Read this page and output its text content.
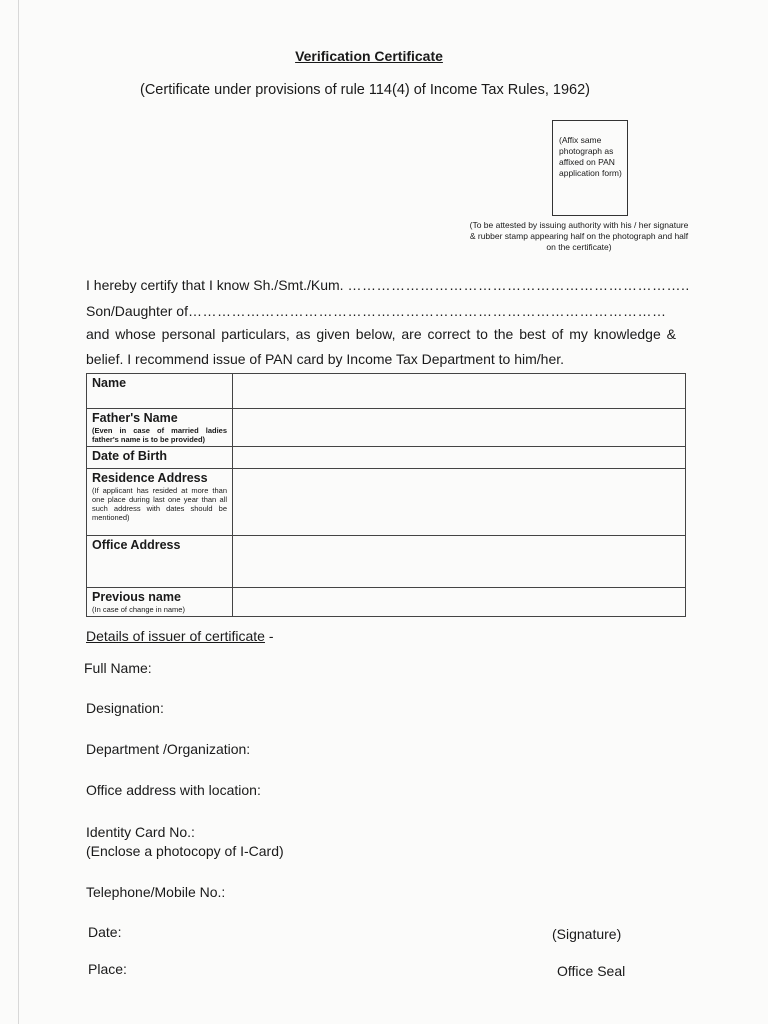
Verification Certificate
(Certificate under provisions of rule 114(4) of Income Tax Rules, 1962)
(Affix same photograph as affixed on PAN application form)
(To be attested by issuing authority with his / her signature & rubber stamp appearing half on the photograph and half on the certificate)
I hereby certify that I know Sh./Smt./Kum. ……………………………………………………………..
Son/Daughter of………………………………………………………………………………………
and whose personal particulars, as given below, are correct to the best of my knowledge &
belief. I recommend issue of PAN card by Income Tax Department to him/her.
Name	

Father's Name
(Even in case of married ladies father's name is to be provided)	

Date of Birth	

Residence Address
(If applicant has resided at more than one place during last one year than all such address with dates should be mentioned)	

Office Address	

Previous name
(In case of change in name)	

Details of issuer of certificate -
Full Name:
Designation:
Department /Organization:
Office address with location:
Identity Card No.:
(Enclose a photocopy of I-Card)
Telephone/Mobile No.:
Date:
Place:
(Signature)
Office Seal
